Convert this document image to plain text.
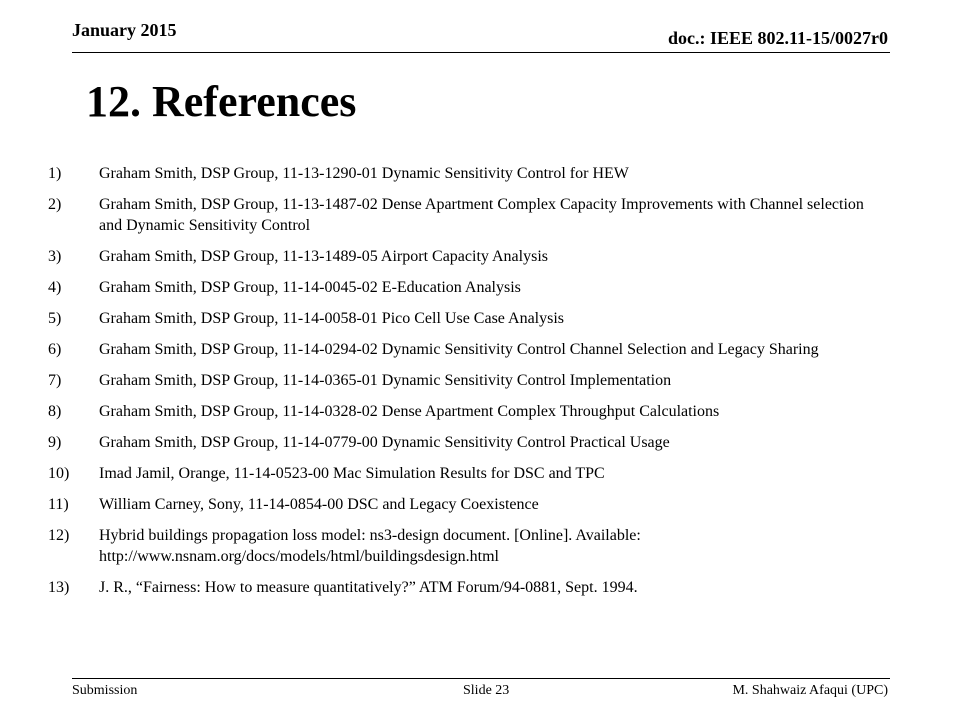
January 2015	doc.: IEEE 802.11-15/0027r0
12. References
1)	Graham Smith, DSP Group, 11-13-1290-01 Dynamic Sensitivity Control for HEW
2)	Graham Smith, DSP Group, 11-13-1487-02 Dense Apartment Complex Capacity Improvements with Channel selection and Dynamic Sensitivity Control
3)	Graham Smith, DSP Group, 11-13-1489-05 Airport Capacity Analysis
4)	Graham Smith, DSP Group, 11-14-0045-02 E-Education Analysis
5)	Graham Smith, DSP Group, 11-14-0058-01 Pico Cell Use Case Analysis
6)	Graham Smith, DSP Group, 11-14-0294-02 Dynamic Sensitivity Control Channel Selection and Legacy Sharing
7)	Graham Smith, DSP Group, 11-14-0365-01 Dynamic Sensitivity Control Implementation
8)	Graham Smith, DSP Group, 11-14-0328-02 Dense Apartment Complex Throughput Calculations
9)	Graham Smith, DSP Group, 11-14-0779-00 Dynamic Sensitivity Control Practical Usage
10)	Imad Jamil, Orange, 11-14-0523-00 Mac Simulation Results for DSC and TPC
11)	William Carney, Sony, 11-14-0854-00 DSC and Legacy Coexistence
12)	Hybrid buildings propagation loss model: ns3-design document. [Online]. Available: http://www.nsnam.org/docs/models/html/buildingsdesign.html
13)	J. R., “Fairness: How to measure quantitatively?” ATM Forum/94-0881, Sept. 1994.
Submission	Slide 23	M. Shahwaiz Afaqui (UPC)
